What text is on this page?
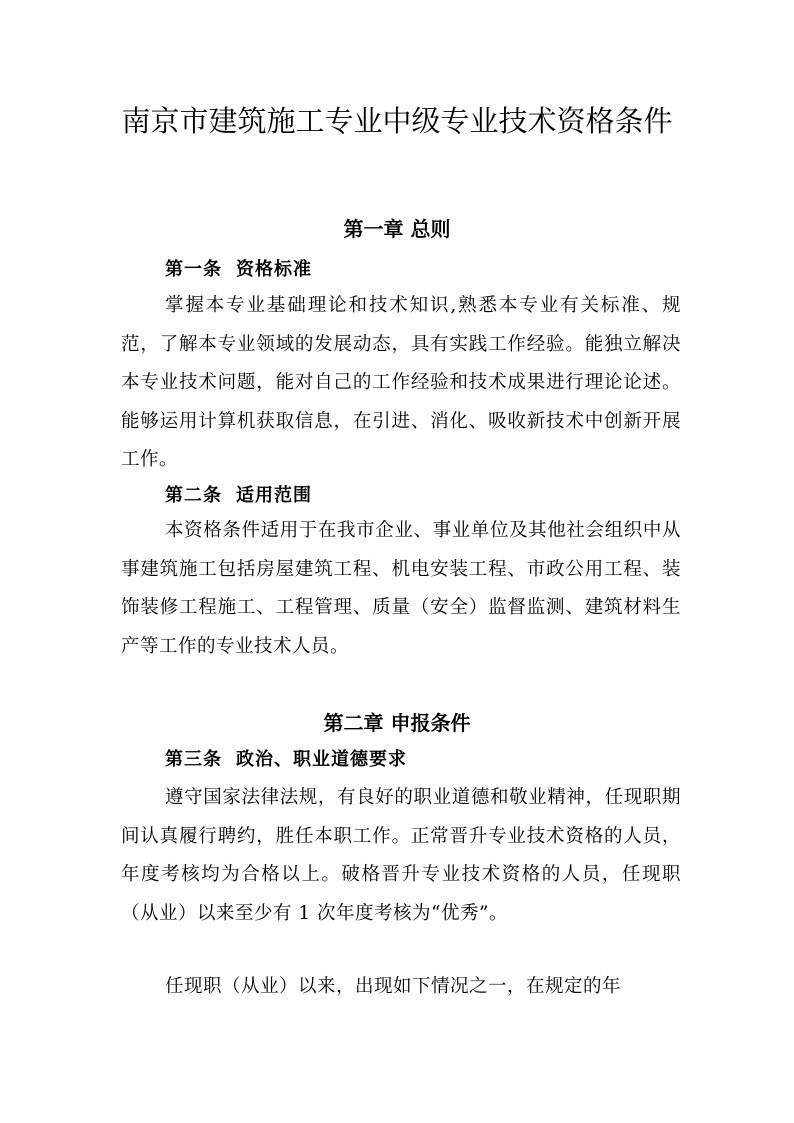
南京市建筑施工专业中级专业技术资格条件
第一章 总则
第一条 资格标准

掌握本专业基础理论和技术知识,熟悉本专业有关标准、规范，了解本专业领域的发展动态，具有实践工作经验。能独立解决本专业技术问题，能对自己的工作经验和技术成果进行理论论述。能够运用计算机获取信息，在引进、消化、吸收新技术中创新开展工作。

第二条 适用范围

本资格条件适用于在我市企业、事业单位及其他社会组织中从事建筑施工包括房屋建筑工程、机电安装工程、市政公用工程、装饰装修工程施工、工程管理、质量（安全）监督监测、建筑材料生产等工作的专业技术人员。

第二章 申报条件
第三条 政治、职业道德要求

遵守国家法律法规，有良好的职业道德和敬业精神，任现职期间认真履行聘约，胜任本职工作。正常晋升专业技术资格的人员，年度考核均为合格以上。破格晋升专业技术资格的人员，任现职（从业）以来至少有 1 次年度考核为“优秀”。

任现职（从业）以来，出现如下情况之一，在规定的年
